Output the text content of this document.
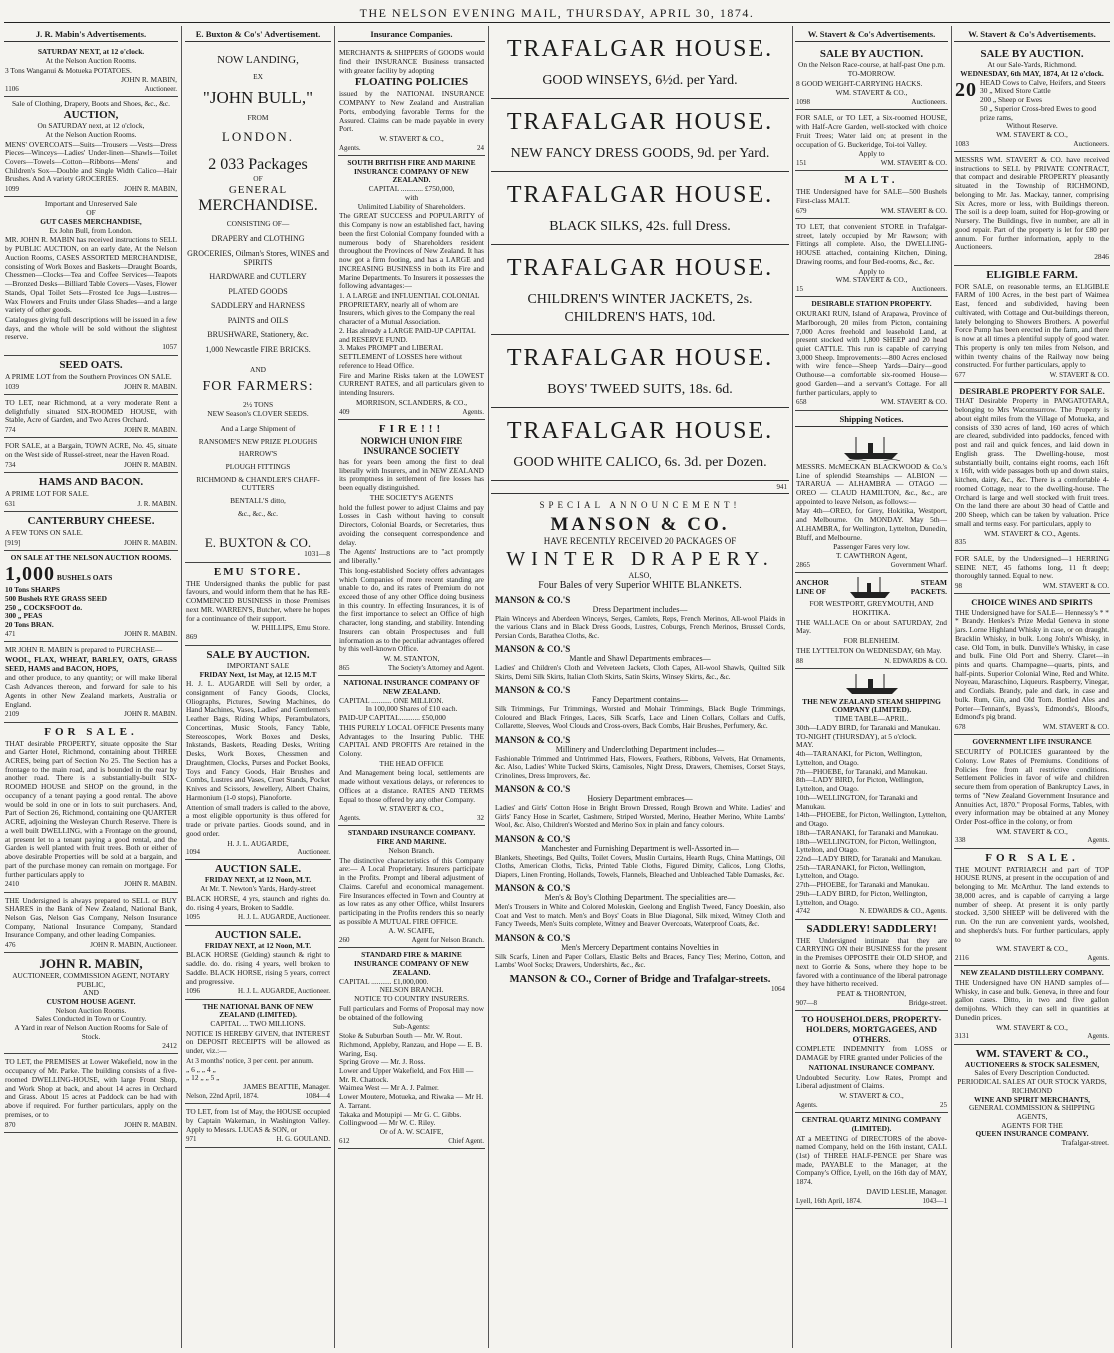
THE NELSON EVENING MAIL, THURSDAY, APRIL 30, 1874.
J. R. Mabin's Advertisements.
SATURDAY NEXT, at 12 o'clock.
At the Nelson Auction Rooms.

3 Tons Wanganui & Motueka POTATOES.

JOHN R. MABIN,
1106	Auctioneer.
Sale of Clothing, Drapery, Boots and Shoes, &c., &c.
AUCTION,
On SATURDAY next, at 12 o'clock,
At the Nelson Auction Rooms.

MENS' OVERCOATS—Suits—Trousers —Vests—Dress Pieces—Winceys—Ladies' Under-linen—Shawls—Toilet Covers—Towels—Cotton—Ribbons—Mens' and Children's Sox—Double and Single Width Calico—Hair Brushes. And A variety GROCERIES.

1099	JOHN R. MABIN,
Important and Unreserved Sale
OF
GUT CASES MERCHANDISE,
Ex John Bull, from London.

MR. JOHN R. MABIN has received instructions to SELL by PUBLIC AUCTION, on an early date, At the Nelson Auction Rooms, CASES ASSORTED MERCHANDISE, consisting of Work Boxes and Baskets—Draught Boards, Chessmen—Clocks—Tea and Coffee Services—Teapots—Bronzed Desks—Billiard Table Covers—Vases, Flower Stands, Opal Toilet Sets—Frosted Ice Jugs—Lustres—Wax Flowers and Fruits under Glass Shades—and a large variety of other goods.

Catalogues giving full descriptions will be issued in a few days, and the whole will be sold without the slightest reserve.

1057
SEED OATS.

A PRIME LOT from the Southern Provinces ON SALE.

1039	JOHN R. MABIN.

TO LET, near Richmond, at a very moderate Rent a delightfully situated SIX-ROOMED HOUSE, with Stable, Acre of Garden, and Two Acres Orchard.

774	JOHN R. MABIN.

FOR SALE, at a Bargain, TOWN ACRE, No. 45, situate on the West side of Russel-street, near the Haven Road.

734	JOHN R. MABIN.
HAMS AND BACON.

A PRIME LOT FOR SALE.

631	J. R. MABIN.
CANTERBURY CHEESE.

A FEW TONS ON SALE.

[919]	JOHN R. MABIN.
ON SALE AT THE NELSON AUCTION ROOMS.
1,000 BUSHELS OATS
10 Tons SHARPS
500 Bushels RYE GRASS SEED
250 „ COCKSFOOT do.
300 „ PEAS
20 Tons BRAN.
471	JOHN R. MABIN.

MR JOHN R. MABIN is prepared to PURCHASE—

WOOL, FLAX, WHEAT, BARLEY, OATS, GRASS SEED, HAMS and BACON, HOPS,

and other produce, to any quantity; or will make liberal Cash Advances thereon, and forward for sale to his Agents in other New Zealand markets, Australia or England.

2109	JOHN R. MABIN.
FOR SALE.

THAT desirable PROPERTY, situate opposite the Star and Garter Hotel, Richmond, containing about THREE ACRES, being part of Section No 25. The Section has a frontage to the main road, and is bounded in the rear by another road. There is a substantially-built SIX-ROOMED HOUSE and SHOP on the ground, in the occupancy of a tenant paying a good rental. The above would be sold in one or in lots to suit purchasers. And, Part of Section 26, Richmond, containing one QUARTER ACRE, adjoining the Wesleyan Church Reserve. There is a well built DWELLING, with a Frontage on the ground, at present let to a tenant paying a good rental, and the Garden is well planted with fruit trees. Both or either of above desirable Properties will be sold at a bargain, and part of the purchase money can remain on mortgage. For further particulars apply to

2410	JOHN R. MABIN.

THE Undersigned is always prepared to SELL or BUY SHARES in the Bank of New Zealand, National Bank, Nelson Gas, Nelson Gas Company, Nelson Insurance Company, National Insurance Company, Standard Insurance Company, and other leading Companies.

476	JOHN R. MABIN, Auctioneer.
JOHN R. MABIN,
AUCTIONEER, COMMISSION AGENT, NOTARY PUBLIC,
AND
CUSTOM HOUSE AGENT.
Nelson Auction Rooms.
Sales Conducted in Town or Country.
A Yard in rear of Nelson Auction Rooms for Sale of Stock.
2412

TO LET, the PREMISES at Lower Wakefield, now in the occupancy of Mr. Parke. The building consists of a five-roomed DWELLING-HOUSE, with large Front Shop, and Work Shop at back, and about 14 acres in Orchard and Grass. About 15 acres at Paddock can be had with above if required. For further particulars, apply on the premises, or to

870	JOHN R. MABIN.
E. Buxton & Co's' Advertisement.
NOW LANDING,
EX
"JOHN BULL,"
FROM
LONDON.
2 033 Packages
OF
GENERAL
MERCHANDISE.
CONSISTING OF—
DRAPERY and CLOTHING
GROCERIES, Oilman's Stores, WINES and SPIRITS
HARDWARE and CUTLERY
PLATED GOODS
SADDLERY and HARNESS
PAINTS and OILS
BRUSHWARE, Stationery, &c.
1,000 Newcastle FIRE BRICKS.
AND
FOR FARMERS:
2½ TONS
NEW Season's CLOVER SEEDS.
And a Large Shipment of
RANSOME'S NEW PRIZE PLOUGHS
HARROW'S
PLOUGH FITTINGS
RICHMOND & CHANDLER'S CHAFF-CUTTERS
BENTALL'S ditto,
&c., &c., &c.
E. BUXTON & CO.
1031—8
EMU STORE.

THE Undersigned thanks the public for past favours, and would inform them that he has RE-COMMENCED BUSINESS in those Premises next MR. WARREN'S, Butcher, where he hopes for a continuance of their support.

W. PHILLIPS, Emu Store.
869
SALE BY AUCTION.
IMPORTANT SALE
FRIDAY Next, 1st May, at 12.15 M.T

H. J. L. AUGARDE will Sell by order, a consignment of Fancy Goods, Clocks, Oliographs, Pictures, Sewing Machines, do Hand Machines, Vases, Ladies' and Gentlemen's Leather Bags, Riding Whips, Perambulators, Concertinas, Music Stools, Fancy Table, Stereoscopes, Work Boxes and Desks, Inkstands, Baskets, Reading Desks, Writing Desks, Work Boxes, Chessmen and Draughtmen, Clocks, Purses and Pocket Books, Toys and Fancy Goods, Hair Brushes and Combs, Lustres and Vases, Cruet Stands, Pocket Knives and Scissors, Jewellery, Albert Chains, Harmonium (1-0 stops), Pianoforte.

Attention of small traders is called to the above, a most eligible opportunity is thus offered for trade or private parties. Goods sound, and in good order.

H. J. L. AUGARDE,
1094	Auctioneer.
AUCTION SALE.
FRIDAY NEXT, at 12 Noon, M.T.
At Mr. T. Newton's Yards, Hardy-street

BLACK HORSE, 4 yrs, staunch and rights do. do. rising 4 years, Broken to Saddle.

1095	H. J. L. AUGARDE, Auctioneer.
AUCTION SALE.
FRIDAY NEXT, at 12 Noon, M.T.

BLACK HORSE (Gelding) staunch & right to saddle. do. do. rising 4 years, well broken to Saddle. BLACK HORSE, rising 5 years, correct and progressive.

1096	H. J. L. AUGARDE, Auctioneer.
THE NATIONAL BANK OF NEW ZEALAND (LIMITED).
CAPITAL ... TWO MILLIONS.

NOTICE IS HEREBY GIVEN, that INTEREST on DEPOSIT RECEIPTS will be allowed as under, viz.:—

At 3 months' notice, 3 per cent. per annum.
„ 6 „ „ 4 „
„ 12 „ „ 5 „
JAMES BEATTIE, Manager.
Nelson, 22nd April, 1874.	1084—4

TO LET, from 1st of May, the HOUSE occupied by Captain Wakeman, in Washington Valley. Apply to Messrs. LUCAS & SON, or

971	H. G. GOULAND.
Insurance Companies.

MERCHANTS & SHIPPERS of GOODS would find their INSURANCE Business transacted with greater facility by adopting

FLOATING POLICIES

issued by the NATIONAL INSURANCE COMPANY to New Zealand and Australian Ports, embodying favorable Terms for the Assured. Claims can be made payable in every Port.

W. STAVERT & CO.,
Agents.	24
SOUTH BRITISH FIRE AND MARINE INSURANCE COMPANY OF NEW ZEALAND.
CAPITAL ............ £750,000,
with
Unlimited Liability of Shareholders.

The GREAT SUCCESS and POPULARITY of this Company is now an established fact, having been the first Colonial Company founded with a numerous body of Shareholders resident throughout the Provinces of New Zealand. It has now got a firm footing, and has a LARGE and INCREASING BUSINESS in both its Fire and Marine Departments. To Insurers it possesses the following advantages:—

1. A LARGE and INFLUENTIAL COLONIAL PROPRIETARY, nearly all of whom are Insurers, which gives to the Company the real character of a Mutual Association.
2. Has already a LARGE PAID-UP CAPITAL and RESERVE FUND.
3. Makes PROMPT and LIBERAL SETTLEMENT of LOSSES here without reference to Head Office.

Fire and Marine Risks taken at the LOWEST CURRENT RATES, and all particulars given to intending Insurers.

MORRISON, SCLANDERS, & CO.,
409	Agents.
FIRE!!!
NORWICH UNION FIRE INSURANCE SOCIETY

has for years been among the first to deal liberally with Insurers, and in NEW ZEALAND its promptness in settlement of fire losses has been equally distinguished.

THE SOCIETY'S AGENTS

hold the fullest power to adjust Claims and pay Losses in Cash without having to consult Directors, Colonial Boards, or Secretaries, thus avoiding the consequent correspondence and delay.

The Agents' Instructions are to "act promptly and liberally."

This long-established Society offers advantages which Companies of more recent standing are unable to do, and its rates of Premium do not exceed those of any other Office doing business in this country. In effecting Insurances, it is of the first importance to select an Office of high character, long standing, and stability. Intending Insurers can obtain Prospectuses and full information as to the peculiar advantages offered by this well-known Office.

W. M. STANTON,
865	The Society's Attorney and Agent.
NATIONAL INSURANCE COMPANY OF NEW ZEALAND.
CAPITAL ........... ONE MILLION.
In 100,000 Shares of £10 each.
PAID-UP CAPITAL........... £50,000

THIS PURELY LOCAL OFFICE Presents many Advantages to the Insuring Public. THE CAPITAL AND PROFITS Are retained in the Colony.

THE HEAD OFFICE

And Management being local, settlements are made without vexatious delays, or references to Offices at a distance. RATES AND TERMS Equal to those offered by any other Company.

W. STAVERT & CO.,
Agents.	32
STANDARD INSURANCE COMPANY. FIRE AND MARINE.
Nelson Branch.

The distinctive characteristics of this Company are:— A Local Proprietary. Insurers participate in the Profits. Prompt and liberal adjustment of Claims. Careful and economical management. Fire Insurances effected in Town and Country at as low rates as any other Office, whilst Insurers participating in the Profits renders this so nearly as possible A MUTUAL FIRE OFFICE.

A. W. SCAIFE,
260	Agent for Nelson Branch.
STANDARD FIRE & MARINE INSURANCE COMPANY OF NEW ZEALAND.
CAPITAL ........... £1,000,000.
NELSON BRANCH.
NOTICE TO COUNTRY INSURERS.

Full particulars and Forms of Proposal may now be obtained of the following

Sub-Agents:
Stoke & Suburban South — Mr. W. Rout.
Richmond, Appleby, Ranzau, and Hope — E. B. Waring, Esq.
Spring Grove — Mr. J. Ross.
Lower and Upper Wakefield, and Fox Hill — Mr. R. Chattock.
Waimea West — Mr A. J. Palmer.
Lower Moutere, Motueka, and Riwaka — Mr H. A. Tarrant.
Takaka and Motupipi — Mr G. C. Gibbs.
Collingwood — Mr W. C. Riley.
Or of A. W. SCAIFE,
612	Chief Agent.
TRAFALGAR HOUSE.
GOOD WINSEYS, 6½d. per Yard.
TRAFALGAR HOUSE.
NEW FANCY DRESS GOODS, 9d. per Yard.
TRAFALGAR HOUSE.
BLACK SILKS, 42s. full Dress.
TRAFALGAR HOUSE.
CHILDREN'S WINTER JACKETS, 2s. CHILDREN'S HATS, 10d.
TRAFALGAR HOUSE.
BOYS' TWEED SUITS, 18s. 6d.
TRAFALGAR HOUSE.
GOOD WHITE CALICO, 6s. 3d. per Dozen.
941
SPECIAL ANNOUNCEMENT!
MANSON & CO.
HAVE RECENTLY RECEIVED 20 PACKAGES OF
WINTER DRAPERY.
ALSO,
Four Bales of very Superior WHITE BLANKETS.
MANSON & CO.'S
Dress Department includes—

Plain Winceys and Aberdeen Winceys, Serges, Camlets, Reps, French Merinos, All-wool Plaids in the various Clans and in Black Dress Goods, Lustres, Coburgs, French Merinos, Brussel Cords, Persian Cords, Barathea Cloths, &c.

MANSON & CO.'S
Mantle and Shawl Departments embraces—

Ladies' and Children's Cloth and Velveteen Jackets, Cloth Capes, All-wool Shawls, Quilted Silk Skirts, Demi Silk Skirts, Italian Cloth Skirts, Satin Skirts, Winsey Skirts, &c., &c.

MANSON & CO.'S
Fancy Department contains—

Silk Trimmings, Fur Trimmings, Worsted and Mohair Trimmings, Black Bugle Trimmings, Coloured and Black Fringes, Laces, Silk Scarfs, Lace and Linen Collars, Collars and Cuffs, Collarette, Sleeves, Wool Clouds and Cross-overs, Back Combs, Hair Brushes, Perfumery, &c.

MANSON & CO.'S
Millinery and Underclothing Department includes—

Fashionable Trimmed and Untrimmed Hats, Flowers, Feathers, Ribbons, Velvets, Hat Ornaments, &c. Also, Ladies' White Tucked Skirts, Camisoles, Night Dress, Drawers, Chemises, Corset Stays, Crinolines, Dress Improvers, &c.

MANSON & CO.'S
Hosiery Department embraces—

Ladies' and Girls' Cotton Hose in Bright Brown Dressed, Rough Brown and White. Ladies' and Girls' Fancy Hose in Scarlet, Cashmere, Striped Worsted, Merino, Heather Merino, White Lambs' Wool, &c. Also, Children's Worsted and Merino Sox in plain and fancy colours.

MANSON & CO.'S
Manchester and Furnishing Department is well-Assorted in—

Blankets, Sheetings, Bed Quilts, Toilet Covers, Muslin Curtains, Hearth Rugs, China Mattings, Oil Cloths, American Cloths, Ticks, Printed Table Cloths, Figured Dimity, Calicos, Long Cloths, Diapers, Linen Fronting, Hollands, Towels, Flannels, Bleached and Unbleached Table Damasks, &c.

MANSON & CO.'S
Men's & Boy's Clothing Department. The specialities are—

Men's Trousers in White and Colored Moleskin, Geelong and English Tweed, Fancy Doeskin, also Coat and Vest to match. Men's and Boys' Coats in Blue Diagonal, Silk mixed, Witney Cloth and Fancy Tweeds, Men's Suits complete, Witney and Beaver Overcoats, Waterproof Coats, &c.

MANSON & CO.'S
Men's Mercery Department contains Novelties in

Silk Scarfs, Linen and Paper Collars, Elastic Belts and Braces, Fancy Ties; Merino, Cotton, and Lambs' Wool Socks; Drawers, Undershirts, &c., &c.

MANSON & CO., Corner of Bridge and Trafalgar-streets.
1064
W. Stavert & Co's Advertisements.
SALE BY AUCTION.
On the Nelson Race-course, at half-past One p.m. TO-MORROW.

8 GOOD WEIGHT-CARRYING HACKS.

WM. STAVERT & CO.,
1098	Auctioneers.

FOR SALE, or TO LET, a Six-roomed HOUSE, with Half-Acre Garden, well-stocked with choice Fruit Trees; Water laid on; at present in the occupation of G. Buckeridge, Toi-toi Valley.

Apply to
151	WM. STAVERT & CO.
MALT.

THE Undersigned have for SALE—500 Bushels First-class MALT.

679	WM. STAVERT & CO.

TO LET, that convenient STORE in Trafalgar-street, lately occupied by Mr Rawson; with Fittings all complete. Also, the DWELLING-HOUSE attached, containing Kitchen, Dining, Drawing rooms, and four Bed-rooms, &c., &c.

Apply to
WM. STAVERT & CO.,
15	Auctioneers.
DESIRABLE STATION PROPERTY.

OKURAKI RUN, Island of Arapawa, Province of Marlborough, 20 miles from Picton, containing 7,000 Acres freehold and leasehold Land, at present stocked with 1,800 SHEEP and 20 head quiet CATTLE. This run is capable of carrying 3,000 Sheep. Improvements:—800 Acres enclosed with wire fence—Sheep Yards—Dairy—good Outhouse—a comfortable six-roomed House—good Garden—and a servant's Cottage. For all further particulars, apply to

658	WM. STAVERT & CO.
Shipping Notices.

MESSRS. McMECKAN BLACKWOOD & Co.'s Line of splendid Steamships — ALBION — TARARUA — ALHAMBRA — OTAGO — OREO — CLAUD HAMILTON, &c., &c., are appointed to leave Nelson, as follows:—

May 4th—OREO, for Grey, Hokitika, Westport, and Melbourne. On MONDAY. May 5th—ALHAMBRA, for Wellington, Lyttelton, Dunedin, Bluff, and Melbourne.

Passenger Fares very low.
T. CAWTHRON Agent,
2865	Government Wharf.
ANCHOR
LINE OF
STEAM
PACKETS.
FOR WESTPORT, GREYMOUTH, AND HOKITIKA.

THE WALLACE On or about SATURDAY, 2nd May.

FOR BLENHEIM.

THE LYTTELTON On WEDNESDAY, 6th May.

88	N. EDWARDS & CO.
THE NEW ZEALAND STEAM SHIPPING COMPANY (LIMITED).
TIME TABLE—APRIL.
30th—LADY BIRD, for Taranaki and Manukau. TO-NIGHT (THURSDAY), at 5 o'clock.
MAY.
4th—TARANAKI, for Picton, Wellington, Lyttelton, and Otago.
7th—PHOEBE, for Taranaki, and Manukau.
8th—LADY BIRD, for Picton, Wellington, Lyttelton, and Otago.
10th—WELLINGTON, for Taranaki and Manukau.
14th—PHOEBE, for Picton, Wellington, Lyttelton, and Otago.
18th—TARANAKI, for Taranaki and Manukau.
18th—WELLINGTON, for Picton, Wellington, Lyttelton, and Otago.
22nd—LADY BIRD, for Taranaki and Manukau.
25th—TARANAKI, for Picton, Wellington, Lyttelton, and Otago.
27th—PHOEBE, for Taranaki and Manukau.
29th—LADY BIRD, for Picton, Wellington, Lyttelton, and Otago.
4742	N. EDWARDS & CO., Agents.
SADDLERY! SADDLERY!

THE Undersigned intimate that they are CARRYING ON their BUSINESS for the present in the Premises OPPOSITE their OLD SHOP, and next to Gorrie & Sons, where they hope to be favored with a continuance of the liberal patronage they have hitherto received.

PEAT & THORNTON,
907—8	Bridge-street.
TO HOUSEHOLDERS, PROPERTY-HOLDERS, MORTGAGEES, AND OTHERS.

COMPLETE INDEMNITY from LOSS or DAMAGE by FIRE granted under Policies of the

NATIONAL INSURANCE COMPANY.

Undoubted Security. Low Rates, Prompt and Liberal adjustment of Claims.

W. STAVERT & CO.,
Agents.	25
CENTRAL QUARTZ MINING COMPANY (LIMITED).

AT a MEETING of DIRECTORS of the above-named Company, held on the 16th instant, CALL (1st) of THREE HALF-PENCE per Share was made, PAYABLE to the Manager, at the Company's Office, Lyell, on the 16th day of MAY, 1874.

DAVID LESLIE, Manager.
Lyell, 16th April, 1874.	1043—1
W. Stavert & Co's Advertisements.
SALE BY AUCTION.
At our Sale-Yards, Richmond.
WEDNESDAY, 6th MAY, 1874, At 12 o'clock.
20 HEAD Cows to Calve, Heifers, and Steers
30 „ Mixed Store Cattle
200 „ Sheep or Ewes
50 „ Superior Cross-bred Ewes to good prize rams,
Without Reserve.
WM. STAVERT & CO.,
1083	Auctioneers.

MESSRS WM. STAVERT & CO. have received instructions to SELL by PRIVATE CONTRACT, that compact and desirable PROPERTY pleasantly situated in the Township of RICHMOND, belonging to Mr. Jas. Mackay, tanner, comprising Six Acres, more or less, with Buildings thereon. The soil is a deep loam, suited for Hop-growing or Nursery. The Buildings, five in number, are all in good repair. Part of the property is let for £80 per annum. For further information, apply to the Auctioneers.

2846
ELIGIBLE FARM.

FOR SALE, on reasonable terms, an ELIGIBLE FARM of 100 Acres, in the best part of Waimea East, fenced and subdivided, having been cultivated, with Cottage and Out-buildings thereon, lately belonging to Showers Brothers. A powerful Force Pump has been erected in the farm, and there is now at all times a plentiful supply of good water. This property is only ten miles from Nelson, and within twenty chains of the Railway now being constructed. For further particulars, apply to

677	W. STAVERT & CO.
DESIRABLE PROPERTY FOR SALE.

THAT Desirable Property in PANGATOTARA, belonging to Mrs Wacomsurrow. The Property is about eight miles from the Village of Motueka, and consists of 330 acres of land, 160 acres of which are cleared, subdivided into paddocks, fenced with post and rail and quick fences, and laid down in English grass. The Dwelling-house, most substantially built, contains eight rooms, each 16ft x 16ft, with wide passages both up and down stairs, kitchen, dairy, &c., &c. There is a comfortable 4-roomed Cottage, near to the dwelling-house. The Orchard is large and well stocked with fruit trees. On the land there are about 30 head of Cattle and 200 Sheep, which can be taken by valuation. Price small and terms easy. For particulars, apply to

WM. STAVERT & CO., Agents.
835

FOR SALE, by the Undersigned—1 HERRING SEINE NET, 45 fathoms long, 11 ft deep; thoroughly tanned. Equal to new.

98	WM. STAVERT & CO.
CHOICE WINES AND SPIRITS

THE Undersigned have for SALE— Hennessy's * * * Brandy. Henkes's Prize Medal Geneva in stone jars. Lorne Highland Whisky in case, or on draught. Bracklin Whisky, in bulk. Long John's Whisky, in case. Old Tom, in bulk. Dunville's Whisky, in case and bulk. Fine Old Port and Sherry. Claret—in pints and quarts. Champagne—quarts, pints, and half-pints. Superior Colonial Wine, Red and White. Noyeau, Maraschino, Liqueurs. Raspberry, Vinegar, and Cordials. Brandy, pale and dark, in case and bulk. Rum, Gin, and Old Tom. Bottled Ales and Porter—Tennant's, Byass's, Edmonds's, Blood's, Edmond's pig brand.

678	WM. STAVERT & CO.
GOVERNMENT LIFE INSURANCE

SECURITY of POLICIES guaranteed by the Colony. Low Rates of Premiums. Conditions of Policies free from all restrictive conditions. Settlement Policies in favor of wife and children secure them from operation of Bankruptcy Laws, in terms of "New Zealand Government Insurance and Annuities Act, 1870." Proposal Forms, Tables, with every information may be obtained at any Money Order Post-office in the colony, or from

WM. STAVERT & CO.,
338	Agents.
FOR SALE.

THE MOUNT PATRIARCH and part of TOP HOUSE RUNS, at present in the occupation of and belonging to Mr. McArthur. The land extends to 38,000 acres, and is capable of carrying a large number of sheep. At present it is only partly stocked. 3,500 SHEEP will be delivered with the run. On the run are convenient yards, woolshed, and shepherds's huts. For further particulars, apply to

WM. STAVERT & CO.,
2116	Agents.
NEW ZEALAND DISTILLERY COMPANY.

THE Undersigned have ON HAND samples of— Whisky, in case and bulk. Geneva, in three and four gallon cases. Ditto, in two and five gallon demijohns. Which they can sell in quantities at Dunedin prices.

WM. STAVERT & CO.,
3131	Agents.
WM. STAVERT & CO.,
AUCTIONEERS & STOCK SALESMEN,
Sales of Every Description Conducted.
PERIODICAL SALES AT OUR STOCK YARDS, RICHMOND
WINE AND SPIRIT MERCHANTS,
GENERAL COMMISSION & SHIPPING AGENTS,
AGENTS FOR THE
QUEEN INSURANCE COMPANY.
Trafalgar-street.
